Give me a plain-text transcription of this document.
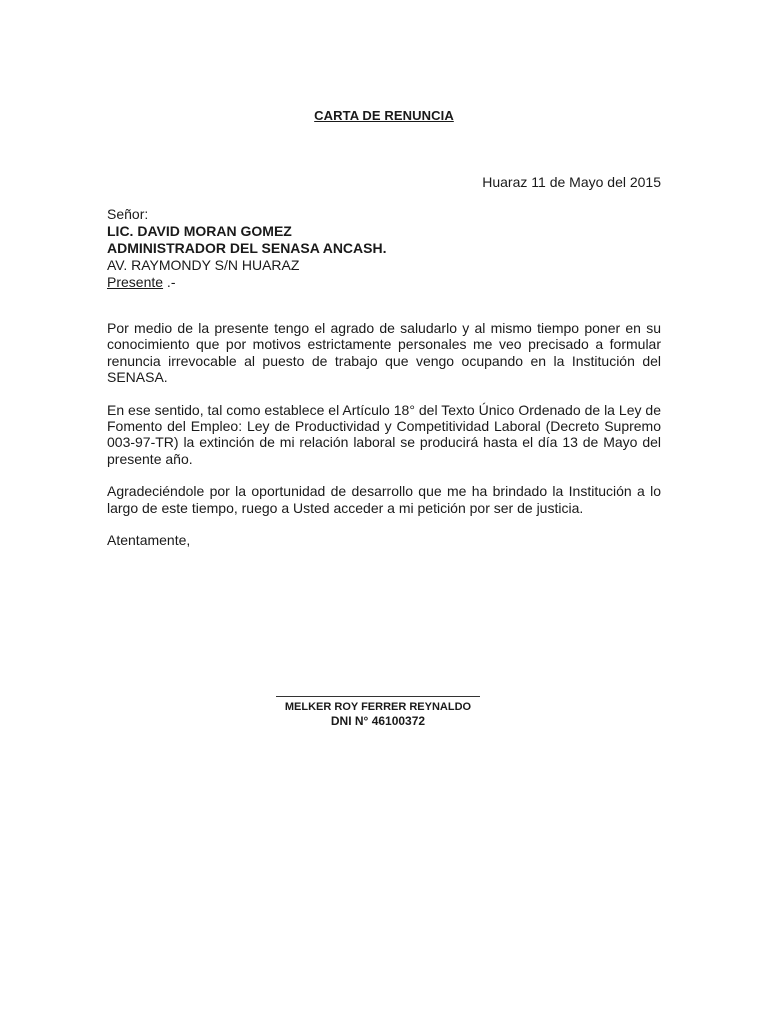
CARTA DE RENUNCIA
Huaraz 11 de Mayo del 2015
Señor:
LIC. DAVID MORAN GOMEZ
ADMINISTRADOR DEL SENASA ANCASH.
AV. RAYMONDY S/N HUARAZ
Presente .-

Por medio de la presente tengo el agrado de saludarlo y al mismo tiempo poner en su conocimiento que por motivos estrictamente personales me veo precisado a formular renuncia irrevocable al puesto de trabajo que vengo ocupando en la Institución del SENASA.

En ese sentido, tal como establece el Artículo 18° del Texto Único Ordenado de la Ley de Fomento del Empleo: Ley de Productividad y Competitividad Laboral (Decreto Supremo 003-97-TR) la extinción de mi relación laboral se producirá hasta el día 13 de Mayo del presente año.

Agradeciéndole por la oportunidad de desarrollo que me ha brindado la Institución a lo largo de este tiempo, ruego a Usted acceder a mi petición por ser de justicia.

Atentamente,

MELKER ROY FERRER REYNALDO
DNI N° 46100372
